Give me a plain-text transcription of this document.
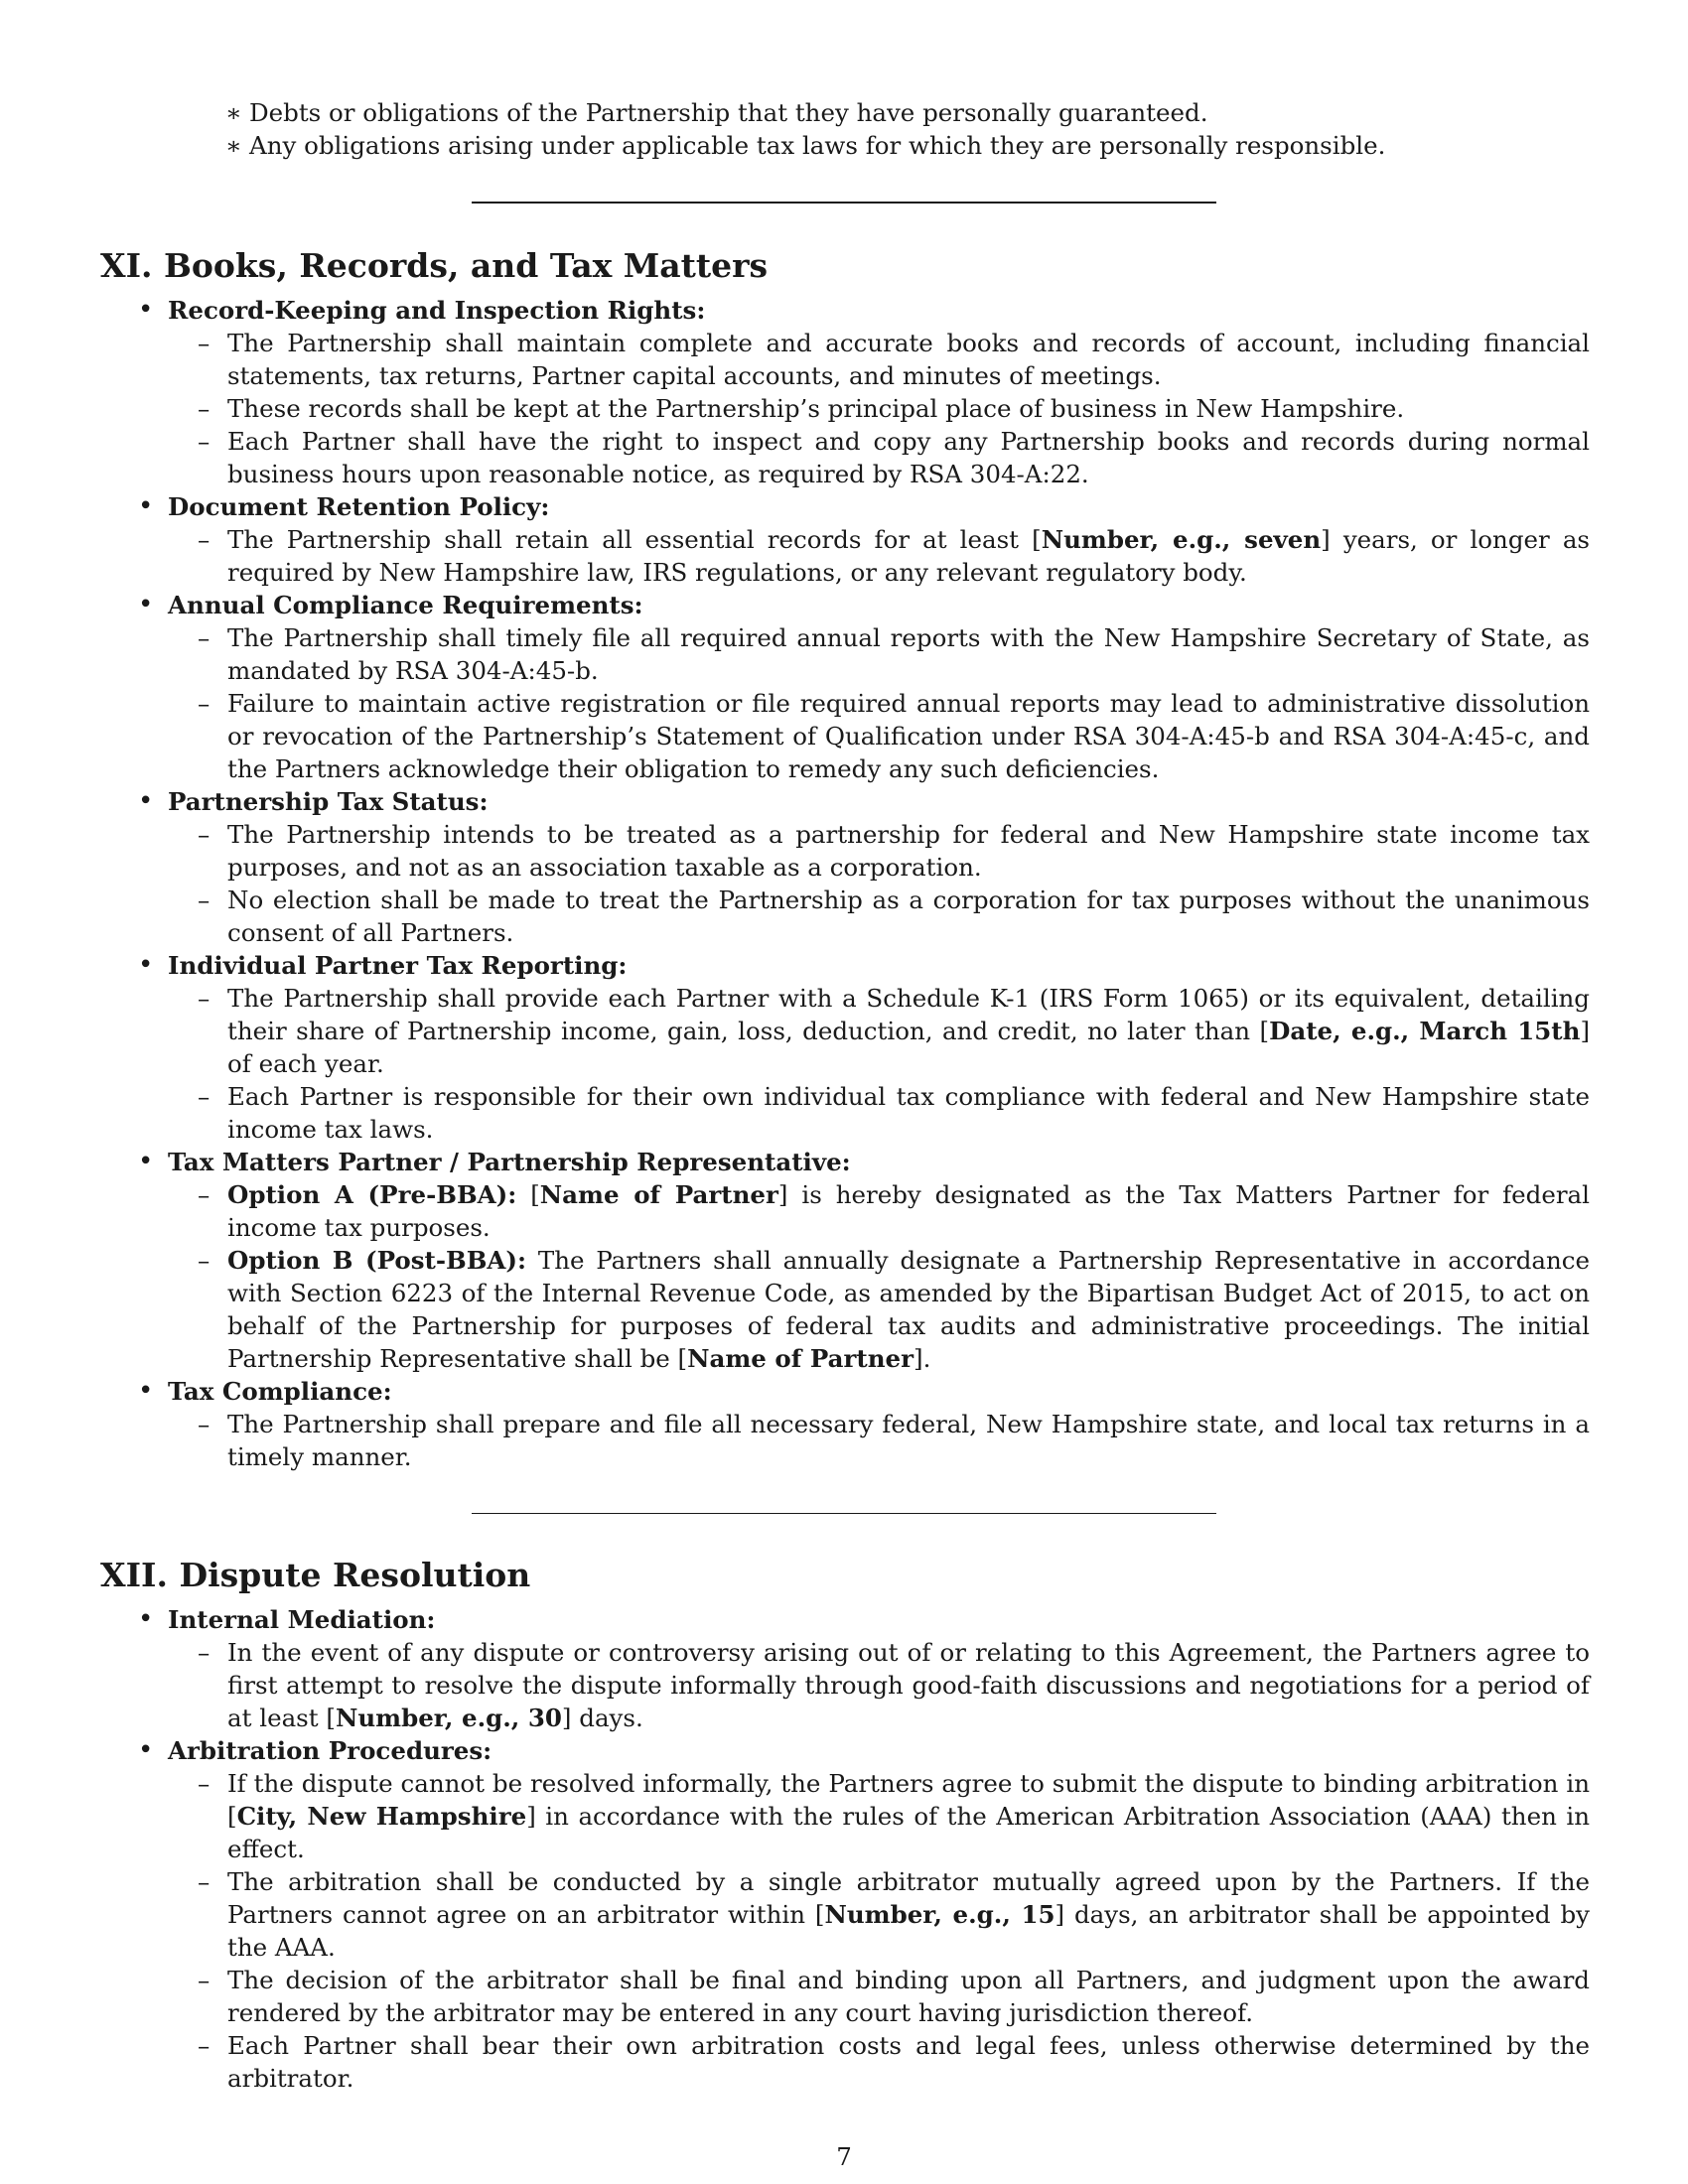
∗ Debts or obligations of the Partnership that they have personally guaranteed.
∗ Any obligations arising under applicable tax laws for which they are personally responsible.
XI. Books, Records, and Tax Matters
• Record-Keeping and Inspection Rights:
– The Partnership shall maintain complete and accurate books and records of account, including financial statements, tax returns, Partner capital accounts, and minutes of meetings.
– These records shall be kept at the Partnership’s principal place of business in New Hampshire.
– Each Partner shall have the right to inspect and copy any Partnership books and records during normal business hours upon reasonable notice, as required by RSA 304-A:22.
• Document Retention Policy:
– The Partnership shall retain all essential records for at least [Number, e.g., seven] years, or longer as required by New Hampshire law, IRS regulations, or any relevant regulatory body.
• Annual Compliance Requirements:
– The Partnership shall timely file all required annual reports with the New Hampshire Secretary of State, as mandated by RSA 304-A:45-b.
– Failure to maintain active registration or file required annual reports may lead to administrative dissolution or revocation of the Partnership’s Statement of Qualification under RSA 304-A:45-b and RSA 304-A:45-c, and the Partners acknowledge their obligation to remedy any such deficiencies.
• Partnership Tax Status:
– The Partnership intends to be treated as a partnership for federal and New Hampshire state income tax purposes, and not as an association taxable as a corporation.
– No election shall be made to treat the Partnership as a corporation for tax purposes without the unanimous consent of all Partners.
• Individual Partner Tax Reporting:
– The Partnership shall provide each Partner with a Schedule K-1 (IRS Form 1065) or its equivalent, detailing their share of Partnership income, gain, loss, deduction, and credit, no later than [Date, e.g., March 15th] of each year.
– Each Partner is responsible for their own individual tax compliance with federal and New Hampshire state income tax laws.
• Tax Matters Partner / Partnership Representative:
– Option A (Pre-BBA): [Name of Partner] is hereby designated as the Tax Matters Partner for federal income tax purposes.
– Option B (Post-BBA): The Partners shall annually designate a Partnership Representative in accordance with Section 6223 of the Internal Revenue Code, as amended by the Bipartisan Budget Act of 2015, to act on behalf of the Partnership for purposes of federal tax audits and administrative proceedings. The initial Partnership Representative shall be [Name of Partner].
• Tax Compliance:
– The Partnership shall prepare and file all necessary federal, New Hampshire state, and local tax returns in a timely manner.
XII. Dispute Resolution
• Internal Mediation:
– In the event of any dispute or controversy arising out of or relating to this Agreement, the Partners agree to first attempt to resolve the dispute informally through good-faith discussions and negotiations for a period of at least [Number, e.g., 30] days.
• Arbitration Procedures:
– If the dispute cannot be resolved informally, the Partners agree to submit the dispute to binding arbitration in [City, New Hampshire] in accordance with the rules of the American Arbitration Association (AAA) then in effect.
– The arbitration shall be conducted by a single arbitrator mutually agreed upon by the Partners. If the Partners cannot agree on an arbitrator within [Number, e.g., 15] days, an arbitrator shall be appointed by the AAA.
– The decision of the arbitrator shall be final and binding upon all Partners, and judgment upon the award rendered by the arbitrator may be entered in any court having jurisdiction thereof.
– Each Partner shall bear their own arbitration costs and legal fees, unless otherwise determined by the arbitrator.
7
